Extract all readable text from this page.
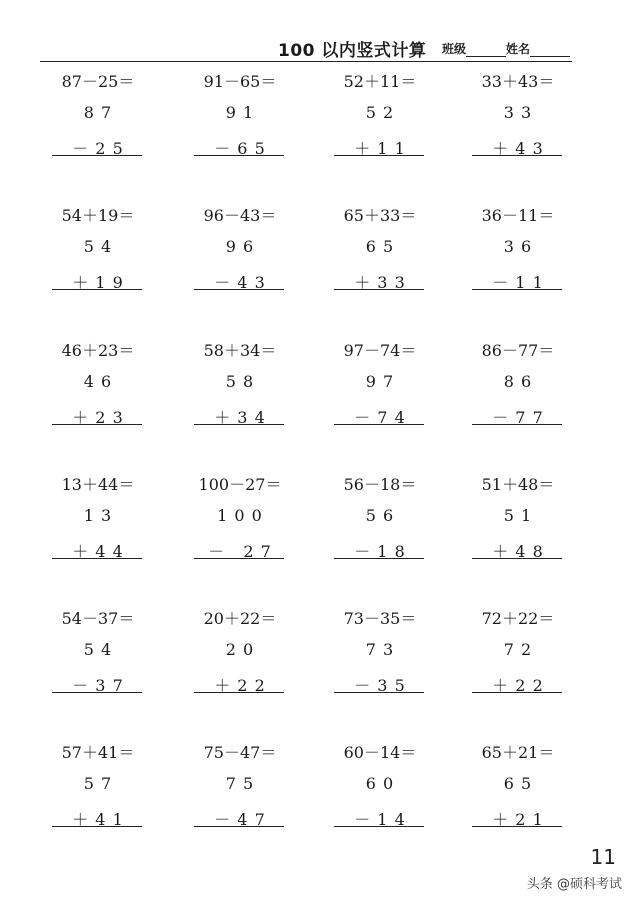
100 以内竖式计算 班级	姓名
87－25＝
8 7
－ 2 5
91－65＝
9 1
－ 6 5
52＋11＝
5 2
＋ 1 1
33＋43＝
3 3
＋ 4 3
54＋19＝
5 4
＋ 1 9
96－43＝
9 6
－ 4 3
65＋33＝
6 5
＋ 3 3
36－11＝
3 6
－ 1 1
46＋23＝
4 6
＋ 2 3
58＋34＝
5 8
＋ 3 4
97－74＝
9 7
－ 7 4
86－77＝
8 6
－ 7 7
13＋44＝
1 3
＋ 4 4
100－27＝
1 0 0
－   2 7
56－18＝
5 6
－ 1 8
51＋48＝
5 1
＋ 4 8
54－37＝
5 4
－ 3 7
20＋22＝
2 0
＋ 2 2
73－35＝
7 3
－ 3 5
72＋22＝
7 2
＋ 2 2
57＋41＝
5 7
＋ 4 1
75－47＝
7 5
－ 4 7
60－14＝
6 0
－ 1 4
65＋21＝
6 5
＋ 2 1
11
头条 @硕科考试
